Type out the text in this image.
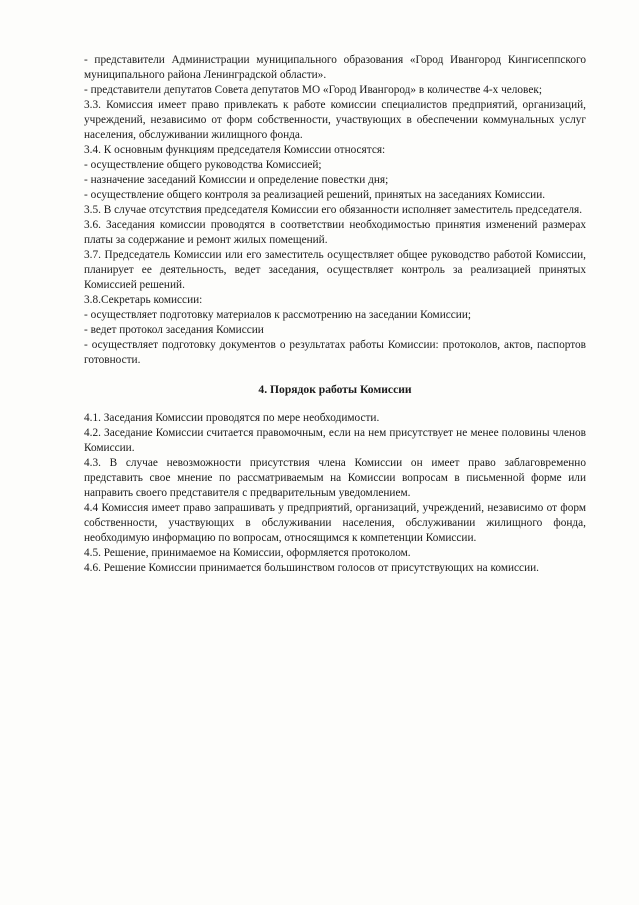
- представители Администрации муниципального образования «Город Ивангород Кингисеппского муниципального района Ленинградской области».

- представители депутатов Совета депутатов МО «Город Ивангород» в количестве 4-х человек;

3.3. Комиссия имеет право привлекать к работе комиссии специалистов предприятий, организаций, учреждений, независимо от форм собственности, участвующих в обеспечении коммунальных услуг населения, обслуживании жилищного фонда.

3.4. К основным функциям председателя Комиссии относятся:

- осуществление общего руководства Комиссией;

- назначение заседаний Комиссии и определение повестки дня;

- осуществление общего контроля за реализацией решений, принятых на заседаниях Комиссии.

3.5. В случае отсутствия председателя Комиссии его обязанности исполняет заместитель председателя.

3.6. Заседания комиссии проводятся в соответствии необходимостью принятия изменений размерах платы за содержание и ремонт жилых помещений.

3.7. Председатель Комиссии или его заместитель осуществляет общее руководство работой Комиссии, планирует ее деятельность, ведет заседания, осуществляет контроль за реализацией принятых Комиссией решений.

3.8.Секретарь комиссии:

- осуществляет подготовку материалов к рассмотрению на заседании Комиссии;

- ведет протокол заседания Комиссии

- осуществляет подготовку документов о результатах работы Комиссии: протоколов, актов, паспортов готовности.

4. Порядок работы Комиссии

4.1. Заседания Комиссии проводятся по мере необходимости.

4.2. Заседание Комиссии считается правомочным, если на нем присутствует не менее половины членов Комиссии.

4.3. В случае невозможности присутствия члена Комиссии он имеет право заблаговременно представить свое мнение по рассматриваемым на Комиссии вопросам в письменной форме или направить своего представителя с предварительным уведомлением.

4.4 Комиссия имеет право запрашивать у предприятий, организаций, учреждений, независимо от форм собственности, участвующих в обслуживании населения, обслуживании жилищного фонда, необходимую информацию по вопросам, относящимся к компетенции Комиссии.

4.5. Решение, принимаемое на Комиссии, оформляется протоколом.

4.6. Решение Комиссии принимается большинством голосов от присутствующих на комиссии.
